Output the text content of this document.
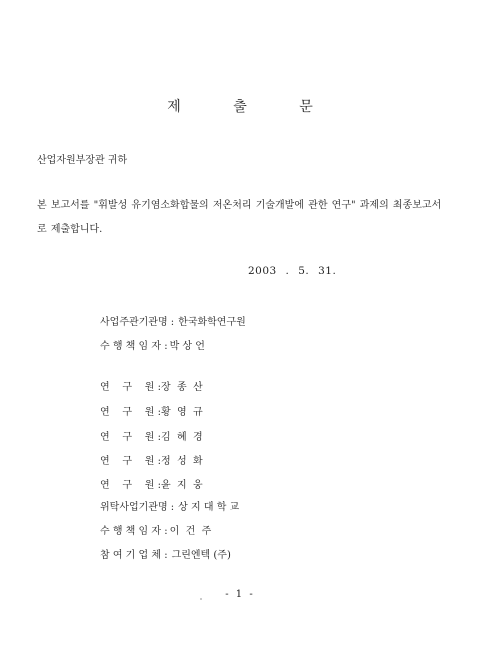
제 출 문
산업자원부장관 귀하
본 보고서를 "휘발성 유기염소화합물의 저온처리 기술개발에 관한 연구" 과제의 최종보고서
로 제출합니다.
2003 . 5. 31.
사업주관기관명 : 한국화학연구원
수 행 책 임 자 : 박 상 언
연    구    원 : 장  종  산
연    구    원 : 황  영  규
연    구    원 : 김  혜  경
연    구    원 : 정  성  화
연    구    원 : 윤  지  웅
위탁사업기관명 : 상 지 대 학 교
수 행 책 임 자 : 이  건  주
참 여 기 업 체 : 그린엔텍 (주)
- 1 -
